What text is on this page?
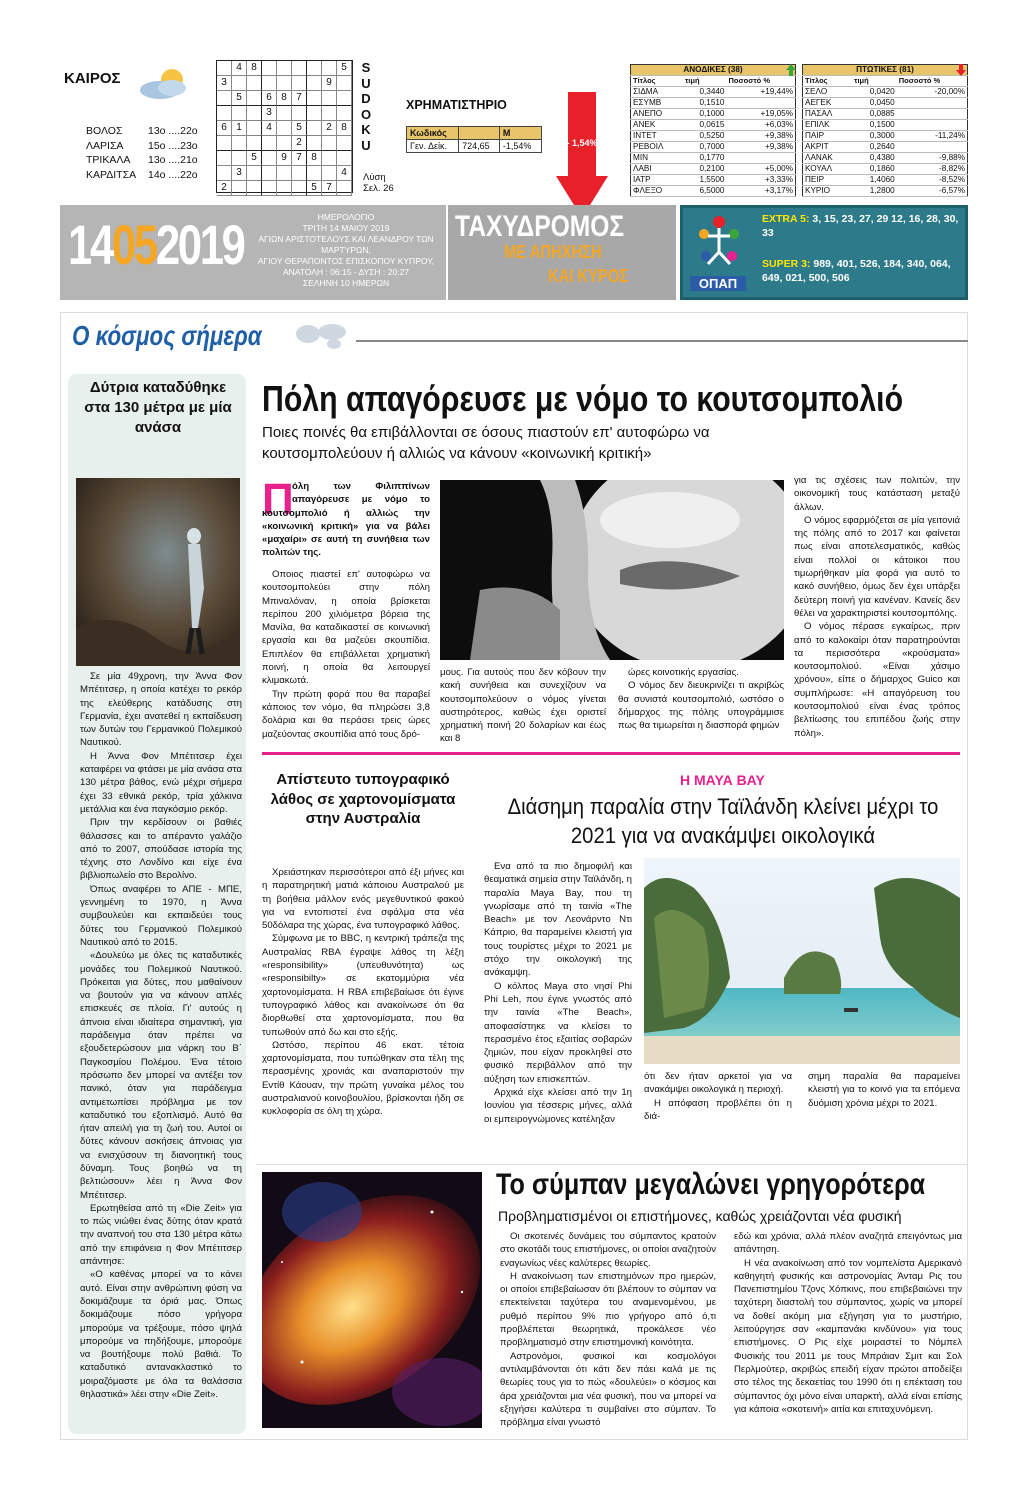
ΚΑΙΡΟΣ
ΒΟΛΟΣ	13ο ....22ο
ΛΑΡΙΣΑ	15ο ....23ο
ΤΡΙΚΑΛΑ	13ο ....21ο
ΚΑΡΔΙΤΣΑ	14ο ....22ο
4 8	5
3	9
5	6 8 7
3
6 1	4	5	2 8
2
5	9 7 8
3	4
2	5 7
S
U
D
O
K
U
Λύση
Σελ. 26
ΧΡΗΜΑΤΙΣΤΗΡΙΟ
Κωδικός		Μ
Γεν. Δείκ.	724,65	-1,54%	- 1,54%
ΑΝΟΔΙΚΕΣ (38)		
Τίτλος	τιμή	Ποσοστό %
ΣΙΔΜΑ	0,3440	+19,44%
ΕΣΥΜΒ	0,1510	
ΑΝΕΠΟ	0,1000	+19,05%
ΑΝΕΚ	0,0615	+6,03%
ΙΝΤΕΤ	0,5250	+9,38%
ΡΕΒΟΙΛ	0,7000	+9,38%
ΜΙΝ	0,1770	
ΛΑΒΙ	0,2100	+5,00%
ΙΑΤΡ	1,5500	+3,33%
ΦΛΕΞΟ	6,5000	+3,17%
ΠΤΩΤΙΚΕΣ (81)		
Τίτλος	τιμή	Ποσοστό %
ΣΕΛΟ	0,0420	-20,00%
ΑΕΓΕΚ	0,0450	
ΠΑΣΑΛ	0,0885	
ΕΠΙΛΚ	0,1500	
ΠΑΙΡ	0,3000	-11,24%
ΑΚΡΙΤ	0,2640	
ΛΑΝΑΚ	0,4380	-9,88%
ΚΟΥΑΛ	0,1860	-8,82%
ΠΕΙΡ	1,4060	-8,52%
ΚΥΡΙΟ	1,2800	-6,57%
14052019	ΗΜΕΡΟΛΟΓΙΟ
ΤΡΙΤΗ 14 ΜΑΙΟΥ 2019
ΑΓΙΩΝ ΑΡΙΣΤΟΤΕΛΟΥΣ ΚΑΙ ΛΕΑΝΔΡΟΥ ΤΩΝ ΜΑΡΤΥΡΩΝ,
ΑΓΙΟΥ ΘΕΡΑΠΟΝΤΟΣ ΕΠΙΣΚΟΠΟΥ ΚΥΠΡΟΥ,
ΑΝΑΤΟΛΗ : 06:15 - ΔΥΣΗ : 20:27
ΣΕΛΗΝΗ 10 ΗΜΕΡΩΝ
ΤΑΧΥΔΡΟΜΟΣ
ΜΕ ΑΠΗΧΗΣΗ
ΚΑΙ ΚΥΡΟΣ	ΟΠΑΠ
EXTRA 5: 3, 15, 23, 27, 29 12, 16, 28, 30, 33
SUPER 3: 989, 401, 526, 184, 340, 064, 649, 021, 500, 506
Ο κόσμος σήμερα
Δύτρια καταδύθηκε στα 130 μέτρα με μία ανάσα

Σε μία 49χρονη, την Άννα Φον Μπέτιτσερ, η οποία κατέχει το ρεκόρ της ελεύθερης κατάδυσης στη Γερμανία, έχει ανατεθεί η εκπαίδευση των δυτών του Γερμανικού Πολεμικού Ναυτικού.

Η Άννα Φον Μπέτιτσερ έχει καταφέρει να φτάσει με μία ανάσα στα 130 μέτρα βάθος, ενώ μέχρι σήμερα έχει 33 εθνικά ρεκόρ, τρία χάλκινα μετάλλια και ένα παγκόσμιο ρεκόρ.

Πριν την κερδίσουν οι βαθιές θάλασσες και το απέραντο γαλάζιο από το 2007, σπούδασε ιστορία της τέχνης στο Λονδίνο και είχε ένα βιβλιοπωλείο στο Βερολίνο.

Όπως αναφέρει το ΑΠΕ - ΜΠΕ, γεννημένη το 1970, η Άννα συμβουλεύει και εκπαιδεύει τους δύτες του Γερμανικού Πολεμικού Ναυτικού από το 2015.

«Δουλεύω με όλες τις καταδυτικές μονάδες του Πολεμικού Ναυτικού. Πρόκειται για δύτες, που μαθαίνουν να βουτούν για να κάνουν απλές επισκευές σε πλοία. Γι' αυτούς η άπνοια είναι ιδιαίτερα σημαντική, για παράδειγμα όταν πρέπει να εξουδετερώσουν μια νάρκη του Β΄ Παγκοσμίου Πολέμου. Ένα τέτοιο πρόσωπο δεν μπορεί να αντέξει τον πανικό, όταν για παράδειγμα αντιμετωπίσει πρόβλημα με τον καταδυτικό του εξοπλισμό. Αυτό θα ήταν απειλή για τη ζωή του. Αυτοί οι δύτες κάνουν ασκήσεις άπνοιας για να ενισχύσουν τη διανοητική τους δύναμη. Τους βοηθώ να τη βελτιώσουν» λέει η Άννα Φον Μπέτιτσερ.

Ερωτηθείσα από τη «Die Zeit» για το πώς νιώθει ένας δύτης όταν κρατά την αναπνοή του στα 130 μέτρα κάτω από την επιφάνεια η Φον Μπέτιτσερ απάντησε:

«Ο καθένας μπορεί να το κάνει αυτό. Είναι στην ανθρώπινη φύση να δοκιμάζουμε τα όριά μας. Όπως δοκιμάζουμε πόσο γρήγορα μπορούμε να τρέξουμε, πόσο ψηλά μπορούμε να πηδήξουμε, μπορούμε να βουτήξουμε πολύ βαθιά. Το καταδυτικό αντανακλαστικό το μοιραζόμαστε με όλα τα θαλάσσια θηλαστικά» λέει στην «Die Zeit».

Πόλη απαγόρευσε με νόμο το κουτσομπολιό
Ποιες ποινές θα επιβάλλονται σε όσους πιαστούν επ' αυτοφώρω να κουτσομπολεύουν ή αλλιώς να κάνουν «κοινωνική κριτική»
Π
όλη των Φιλιππίνων απαγόρευσε με νόμο το κουτσομπολιό ή αλλιώς την «κοινωνική κριτική» για να βάλει «μαχαίρι» σε αυτή τη συνήθεια των πολιτών της.

Οποιος πιαστεί επ' αυτοφώρω να κουτσομπολεύει στην πόλη Μπιναλόναν, η οποία βρίσκεται περίπου 200 χιλιόμετρα βόρεια της Μανίλα, θα καταδικαστεί σε κοινωνική εργασία και θα μαζεύει σκουπίδια. Επιπλέον θα επιβάλλεται χρηματική ποινή, η οποία θα λειτουργεί κλιμακωτά.

Την πρώτη φορά που θα παραβεί κάποιος τον νόμο, θα πληρώσει 3,8 δολάρια και θα περάσει τρεις ώρες μαζεύοντας σκουπίδια από τους δρό-

μους. Για αυτούς που δεν κόβουν την κακή συνήθεια και συνεχίζουν να κουτσομπολεύουν ο νόμος γίνεται αυστηρότερος, καθώς έχει οριστεί χρηματική ποινή 20 δολαρίων και έως και 8

ώρες κοινοτικής εργασίας.

Ο νόμος δεν διευκρινίζει τι ακριβώς θα συνιστά κουτσομπολιό, ωστόσο ο δήμαρχος της πόλης υπογράμμισε πως θα τιμωρείται η διασπορά φημών

για τις σχέσεις των πολιτών, την οικονομική τους κατάσταση μεταξύ άλλων.

Ο νόμος εφαρμόζεται σε μία γειτονιά της πόλης από το 2017 και φαίνεται πως είναι αποτελεσματικός, καθώς είναι πολλοί οι κάτοικοι που τιμωρήθηκαν μία φορά για αυτό το κακό συνήθειο, όμως δεν έχει υπάρξει δεύτερη ποινή για κανέναν. Κανείς δεν θέλει να χαρακτηριστεί κουτσομπόλης.

Ο νόμος πέρασε εγκαίρως, πριν από το καλοκαίρι όταν παρατηρούνται τα περισσότερα «κρούσματα» κουτσομπολιού. «Είναι χάσιμο χρόνου», είπε ο δήμαρχος Guico και συμπλήρωσε: «Η απαγόρευση του κουτσομπολιού είναι ένας τρόπος βελτίωσης του επιπέδου ζωής στην πόλη».

Απίστευτο τυπογραφικό λάθος σε χαρτονομίσματα στην Αυστραλία

Χρειάστηκαν περισσότεροι από έξι μήνες και η παρατηρητική ματιά κάποιου Αυστραλού με τη βοήθεια μάλλον ενός μεγεθυντικού φακού για να εντοπιστεί ένα σφάλμα στα νέα 50δόλαρα της χώρας, ένα τυπογραφικό λάθος.

Σύμφωνα με το BBC, η κεντρική τράπεζα της Αυστραλίας RBA έγραψε λάθος τη λέξη «responsibility» (υπευθυνότητα) ως «responsibilty» σε εκατομμύρια νέα χαρτονομίσματα. Η RBA επιβεβαίωσε ότι έγινε τυπογραφικό λάθος και ανακοίνωσε ότι θα διορθωθεί στα χαρτονομίσματα, που θα τυπωθούν από δω και στο εξής.

Ωστόσο, περίπου 46 εκατ. τέτοια χαρτονομίσματα, που τυπώθηκαν στα τέλη της περασμένης χρονιάς και αναπαριστούν την Εντίθ Κάουαν, την πρώτη γυναίκα μέλος του αυστραλιανού κοινοβουλίου, βρίσκονται ήδη σε κυκλοφορία σε όλη τη χώρα.

Η ΜΑΥΑ ΒΑΥ
Διάσημη παραλία στην Ταϊλάνδη κλείνει μέχρι το 2021 για να ανακάμψει οικολογικά

Ενα από τα πιο δημοφιλή και θεαματικά σημεία στην Ταϊλάνδη, η παραλία Maya Bay, που τη γνωρίσαμε από τη ταινία «The Beach» με τον Λεονάρντο Ντι Κάπριο, θα παραμείνει κλειστή για τους τουρίστες μέχρι το 2021 με στόχο την οικολογική της ανάκαμψη.

Ο κόλπος Maya στο νησί Phi Phi Leh, που έγινε γνωστός από την ταινία «The Beach», αποφασίστηκε να κλείσει το περασμένο έτος εξαιτίας σοβαρών ζημιών, που είχαν προκληθεί στο φυσικό περιβάλλον από την αύξηση των επισκεπτών.

Αρχικά είχε κλείσει από την 1η Ιουνίου για τέσσερις μήνες, αλλά οι εμπειρογνώμονες κατέληξαν

ότι δεν ήταν αρκετοί για να ανακάμψει οικολογικά η περιοχή.

Η απόφαση προβλέπει ότι η διά-

σημη παραλία θα παραμείνει κλειστή για το κοινό για τα επόμενα δυόμιση χρόνια μέχρι το 2021.

Το σύμπαν μεγαλώνει γρηγορότερα
Προβληματισμένοι οι επιστήμονες, καθώς χρειάζονται νέα φυσική

Οι σκοτεινές δυνάμεις του σύμπαντος κρατούν στο σκοτάδι τους επιστήμονες, οι οποίοι αναζητούν εναγωνίως νέες καλύτερες θεωρίες.

Η ανακοίνωση των επιστημόνων προ ημερών, οι οποίοι επιβεβαίωσαν ότι βλέπουν το σύμπαν να επεκτείνεται ταχύτερα του αναμενομένου, με ρυθμό περίπου 9% πιο γρήγορο από ό,τι προβλέπεται θεωρητικά, προκάλεσε νέο προβληματισμό στην επιστημονική κοινότητα.

Αστρονόμοι, φυσικοί και κοσμολόγοι αντιλαμβάνονται ότι κάτι δεν πάει καλά με τις θεωρίες τους για το πώς «δουλεύει» ο κόσμος και άρα χρειάζονται μια νέα φυσική, που να μπορεί να εξηγήσει καλύτερα τι συμβαίνει στο σύμπαν. Το πρόβλημα είναι γνωστό

εδώ και χρόνια, αλλά πλέον αναζητά επειγόντως μια απάντηση.

Η νέα ανακοίνωση από τον νομπελίστα Αμερικανό καθηγητή φυσικής και αστρονομίας Άνταμ Ρις του Πανεπιστημίου Τζονς Χόπκινς, που επιβεβαιώνει την ταχύτερη διαστολή του σύμπαντος, χωρίς να μπορεί να δοθεί ακόμη μια εξήγηση για το μυστήριο, λειτούργησε σαν «καμπανάκι κινδύνου» για τους επιστήμονες. Ο Ρις είχε μοιραστεί το Νόμπελ Φυσικής του 2011 με τους Μπράιαν Σμιτ και Σολ Περλμούτερ, ακριβώς επειδή είχαν πρώτοι αποδείξει στο τέλος της δεκαετίας του 1990 ότι η επέκταση του σύμπαντος όχι μόνο είναι υπαρκτή, αλλά είναι επίσης για κάποια «σκοτεινή» αιτία και επιταχυνόμενη.
